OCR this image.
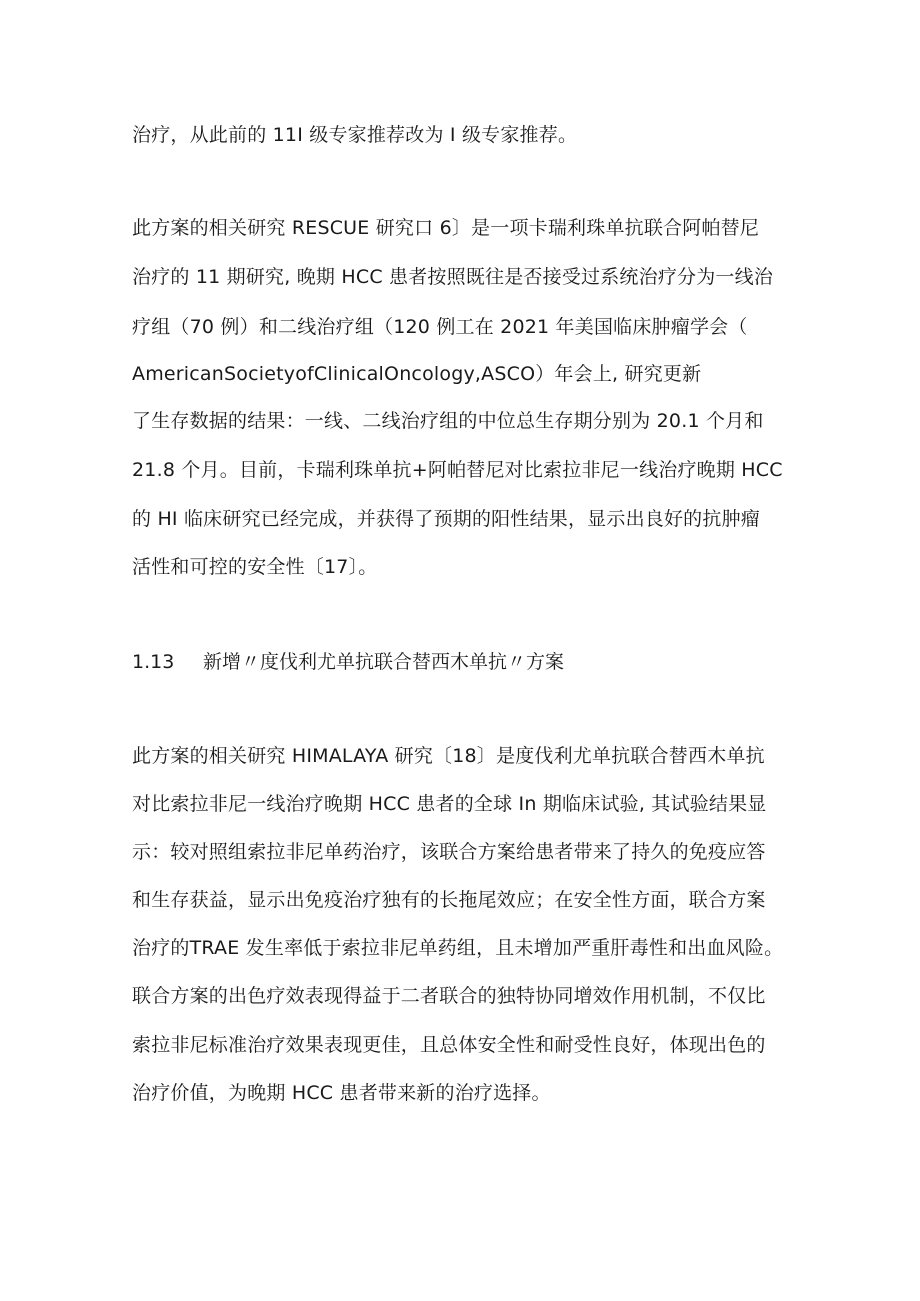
治疗，从此前的 11I 级专家推荐改为 I 级专家推荐。
此方案的相关研究 RESCUE 研究口 6〕是一项卡瑞利珠单抗联合阿帕替尼
治疗的 11 期研究, 晚期 HCC 患者按照既往是否接受过系统治疗分为一线治
疗组（70 例）和二线治疗组（120 例工在 2021 年美国临床肿瘤学会（
AmericanSocietyofClinicalOncology,ASCO）年会上, 研究更新
了生存数据的结果：一线、二线治疗组的中位总生存期分别为 20.1 个月和
21.8 个月。目前，卡瑞利珠单抗+阿帕替尼对比索拉非尼一线治疗晚期 HCC
的 HI 临床研究已经完成，并获得了预期的阳性结果，显示出良好的抗肿瘤
活性和可控的安全性〔17〕。
1.13 新增〃度伐利尤单抗联合替西木单抗〃方案
此方案的相关研究 HIMALAYA 研究〔18〕是度伐利尤单抗联合替西木单抗
对比索拉非尼一线治疗晚期 HCC 患者的全球 In 期临床试验, 其试验结果显
示：较对照组索拉非尼单药治疗，该联合方案给患者带来了持久的免疫应答
和生存获益，显示出免疫治疗独有的长拖尾效应；在安全性方面，联合方案
治疗的TRAE 发生率低于索拉非尼单药组，且未增加严重肝毒性和出血风险。
联合方案的出色疗效表现得益于二者联合的独特协同增效作用机制，不仅比
索拉非尼标准治疗效果表现更佳，且总体安全性和耐受性良好，体现出色的
治疗价值，为晚期 HCC 患者带来新的治疗选择。
